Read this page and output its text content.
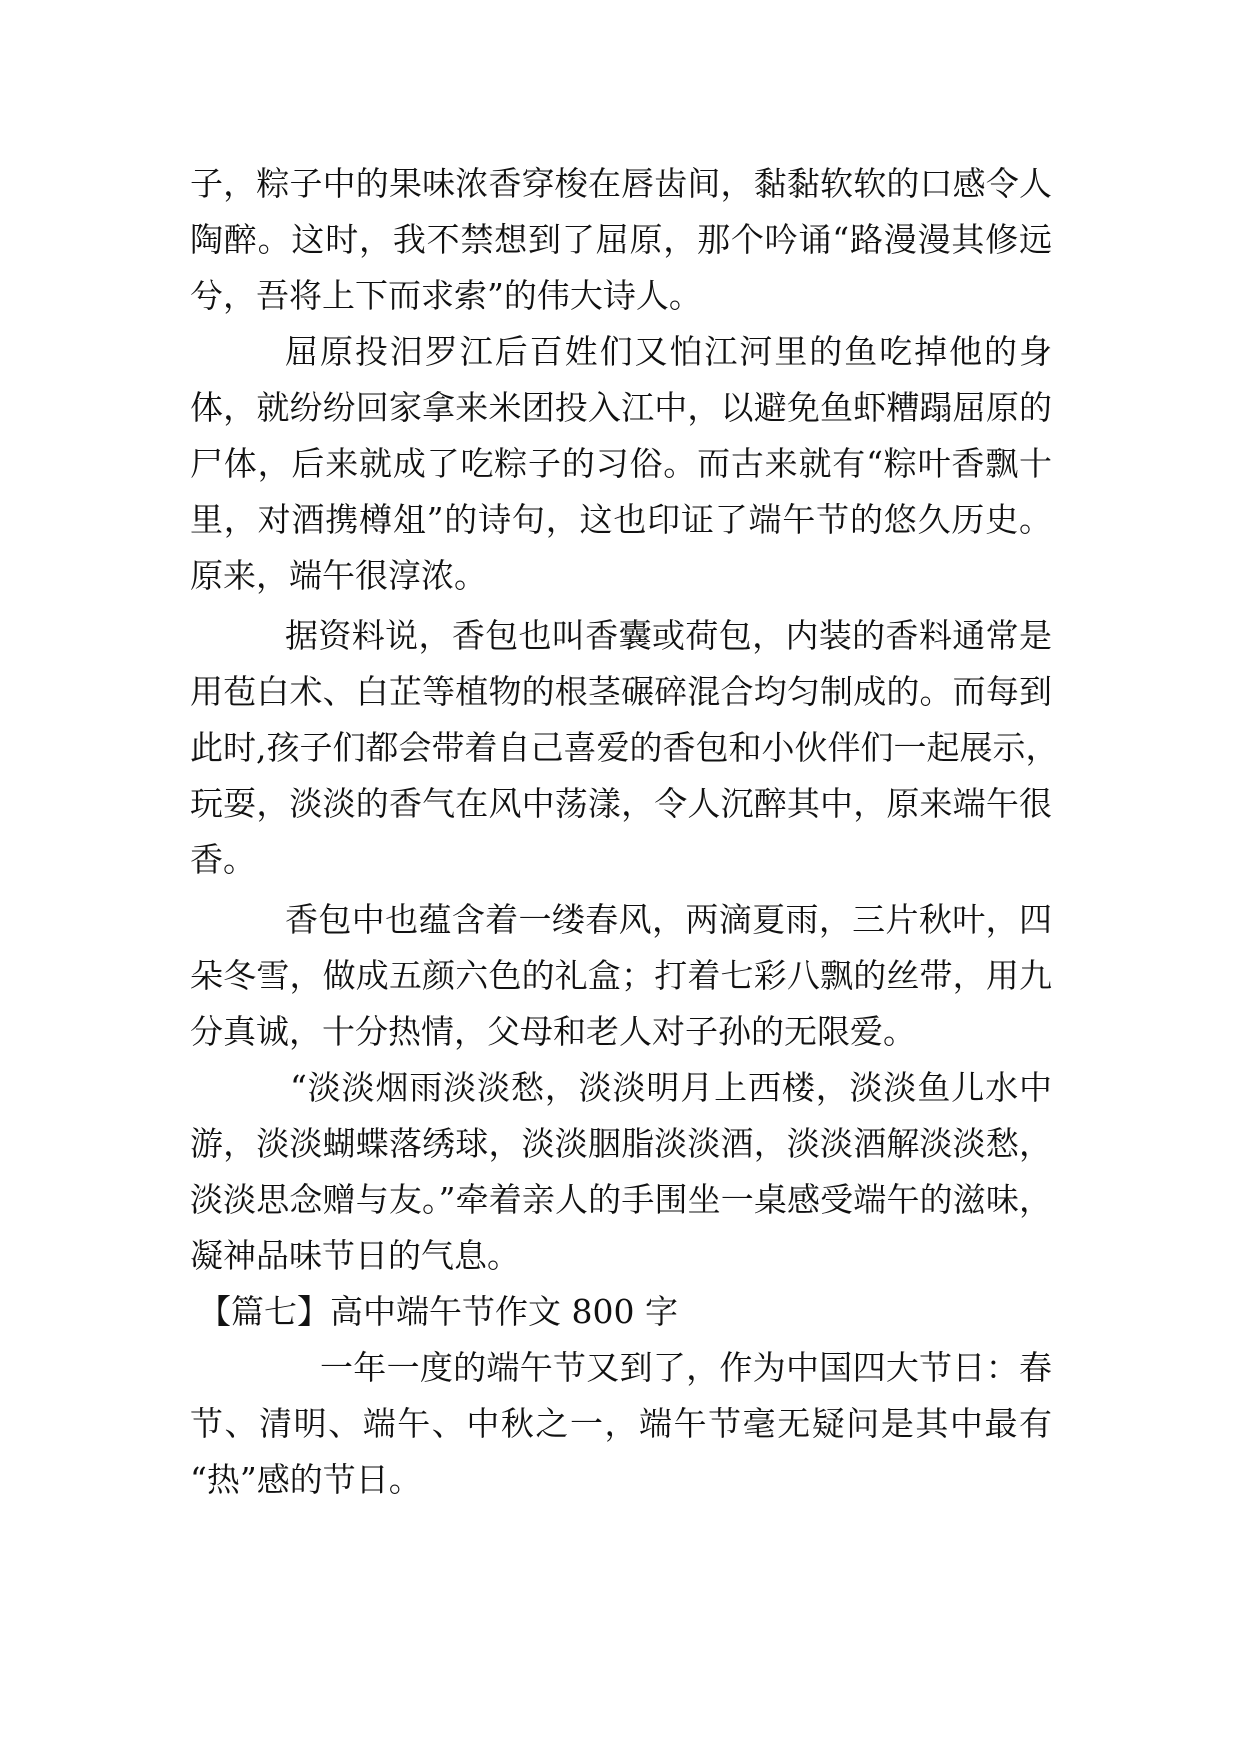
子，粽子中的果味浓香穿梭在唇齿间，黏黏软软的口感令人
陶醉。这时，我不禁想到了屈原，那个吟诵“路漫漫其修远
兮，吾将上下而求索”的伟大诗人。
屈原投汨罗江后百姓们又怕江河里的鱼吃掉他的身
体，就纷纷回家拿来米团投入江中，以避免鱼虾糟蹋屈原的
尸体，后来就成了吃粽子的习俗。而古来就有“粽叶香飘十
里，对酒携樽俎”的诗句，这也印证了端午节的悠久历史。
原来，端午很淳浓。
据资料说，香包也叫香囊或荷包，内装的香料通常是
用苞白术、白芷等植物的根茎碾碎混合均匀制成的。而每到
此时,孩子们都会带着自己喜爱的香包和小伙伴们一起展示，
玩耍，淡淡的香气在风中荡漾，令人沉醉其中，原来端午很
香。
香包中也蕴含着一缕春风，两滴夏雨，三片秋叶，四
朵冬雪，做成五颜六色的礼盒；打着七彩八飘的丝带，用九
分真诚，十分热情，父母和老人对子孙的无限爱。
“淡淡烟雨淡淡愁，淡淡明月上西楼，淡淡鱼儿水中
游，淡淡蝴蝶落绣球，淡淡胭脂淡淡酒，淡淡酒解淡淡愁，
淡淡思念赠与友。”牵着亲人的手围坐一桌感受端午的滋味，
凝神品味节日的气息。
【篇七】高中端午节作文 800 字
一年一度的端午节又到了，作为中国四大节日：春
节、清明、端午、中秋之一，端午节毫无疑问是其中最有
“热”感的节日。
